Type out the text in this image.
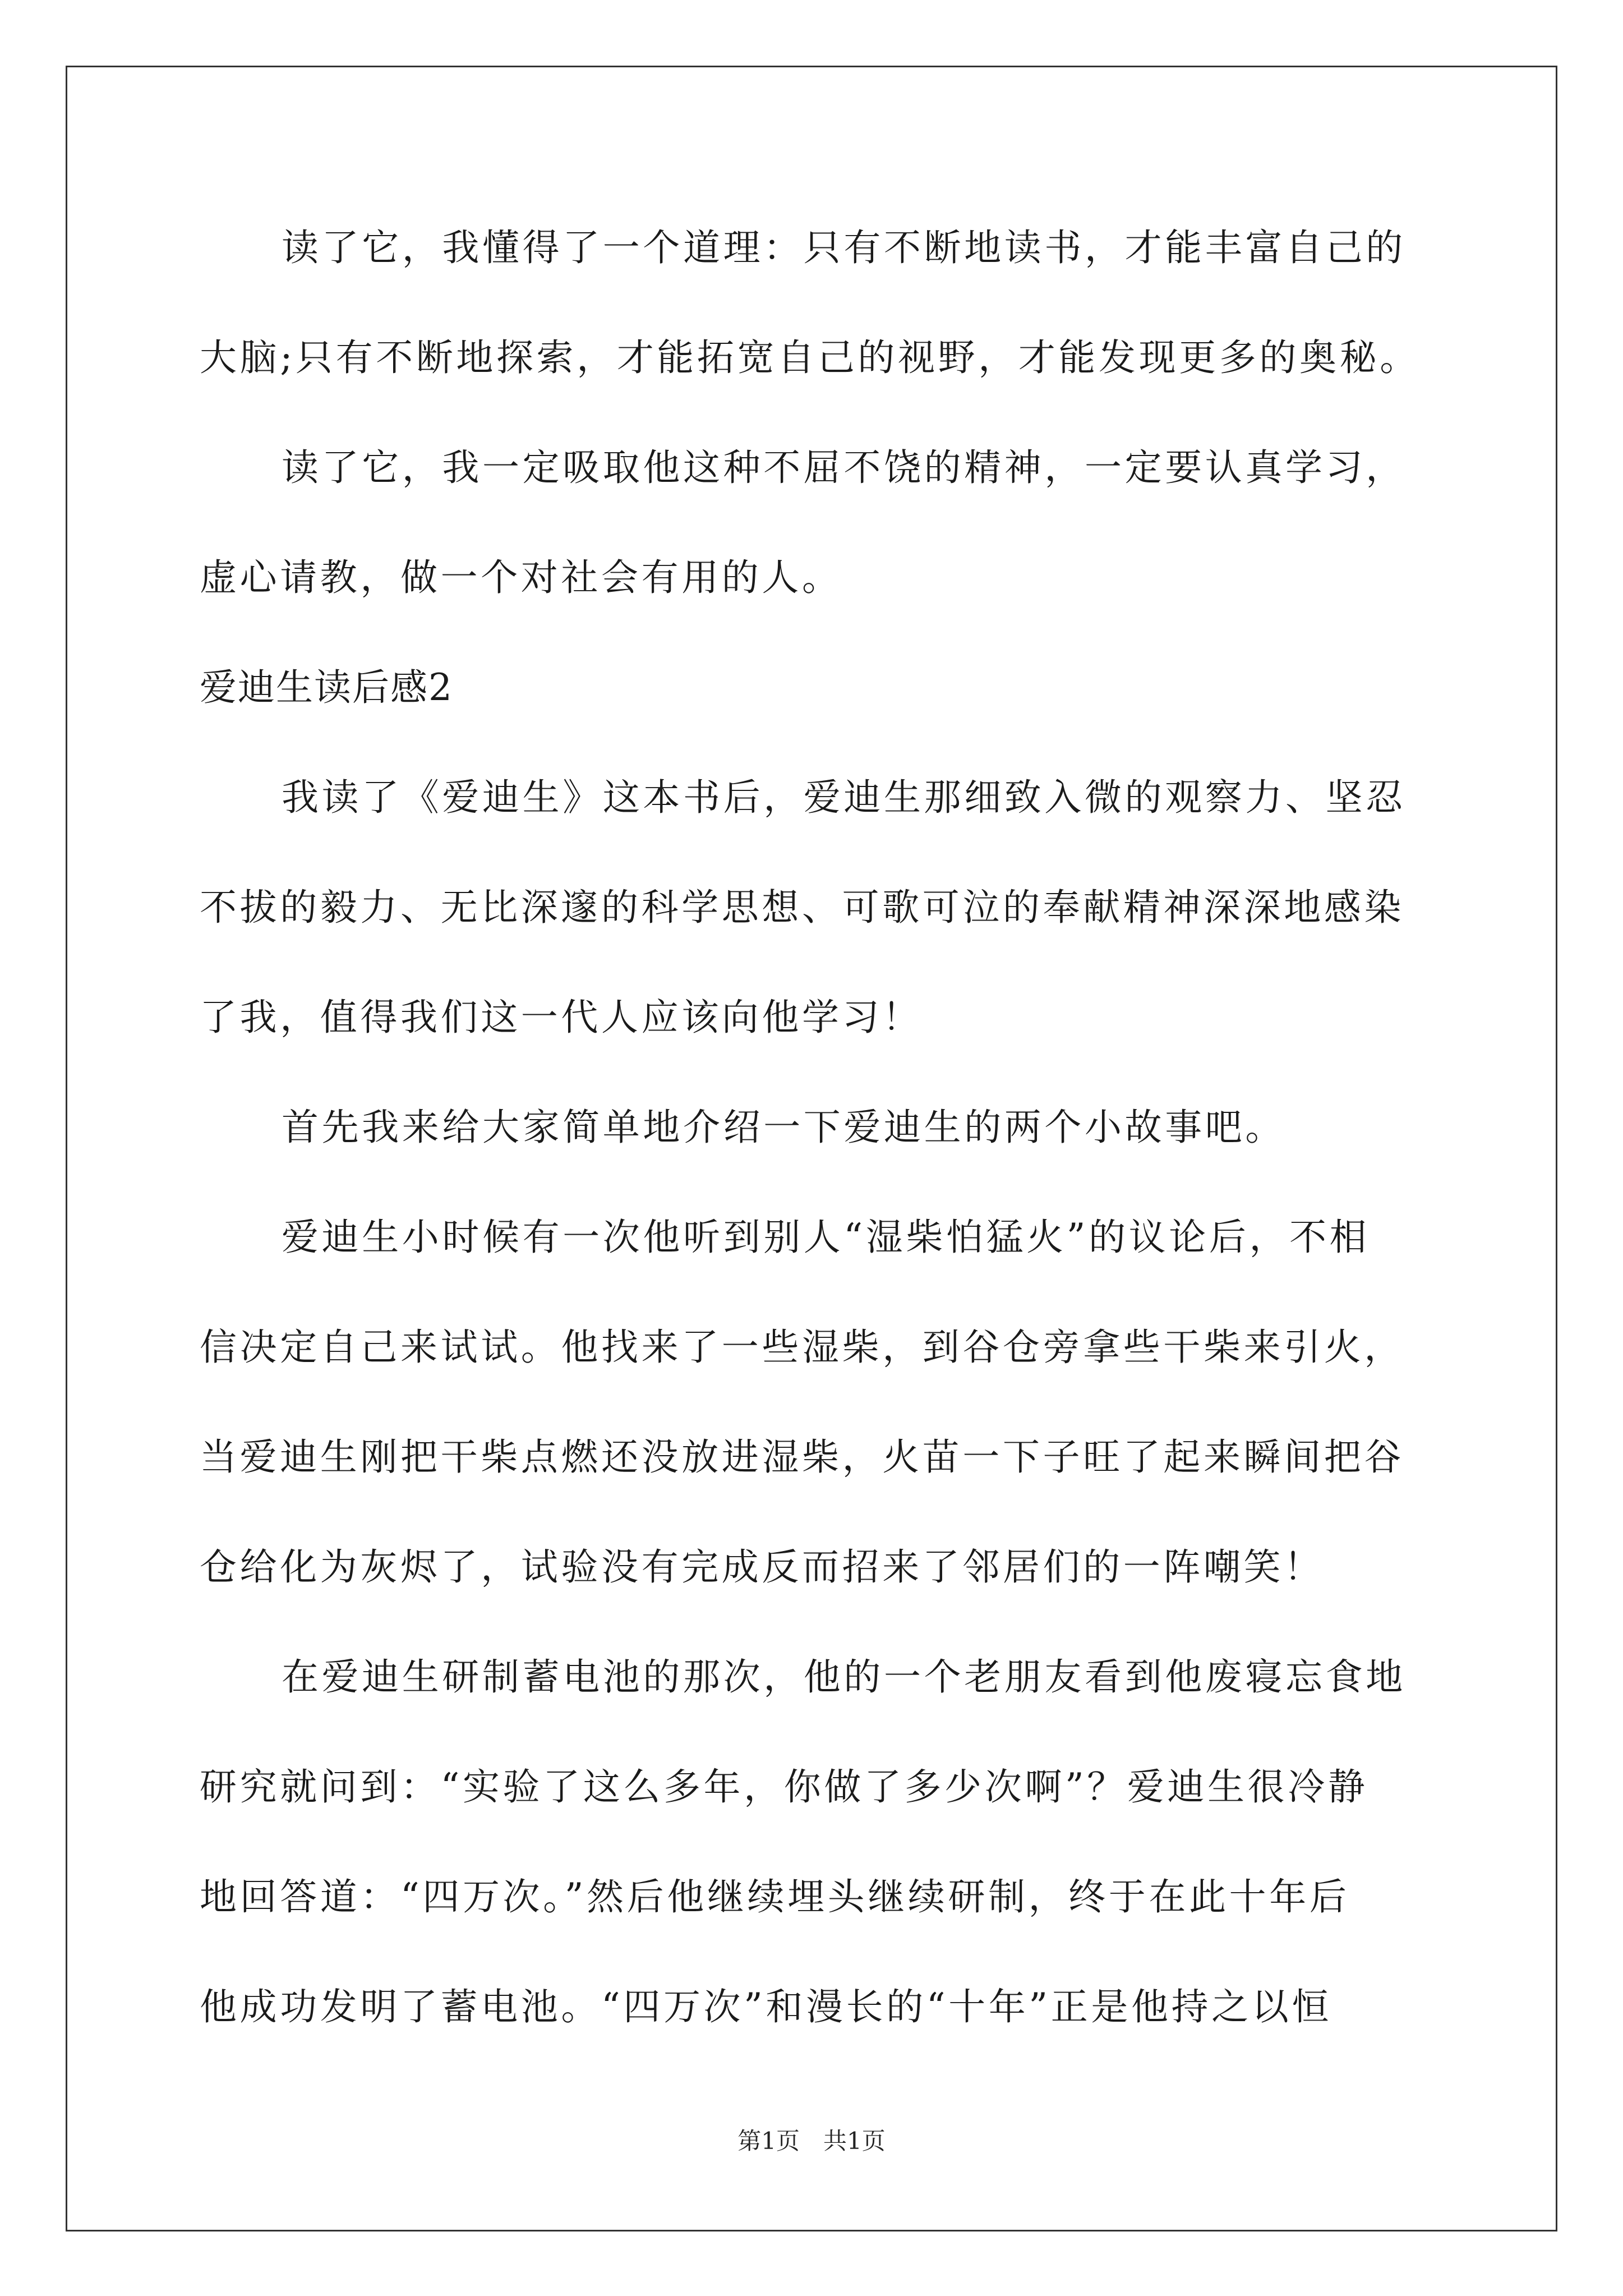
读了它，我懂得了一个道理：只有不断地读书，才能丰富自己的
大脑;只有不断地探索，才能拓宽自己的视野，才能发现更多的奥秘。
读了它，我一定吸取他这种不屈不饶的精神，一定要认真学习，
虚心请教，做一个对社会有用的人。
爱迪生读后感2
我读了《爱迪生》这本书后，爱迪生那细致入微的观察力、坚忍
不拔的毅力、无比深邃的科学思想、可歌可泣的奉献精神深深地感染
了我，值得我们这一代人应该向他学习！
首先我来给大家简单地介绍一下爱迪生的两个小故事吧。
爱迪生小时候有一次他听到别人“湿柴怕猛火”的议论后，不相
信决定自己来试试。他找来了一些湿柴，到谷仓旁拿些干柴来引火，
当爱迪生刚把干柴点燃还没放进湿柴，火苗一下子旺了起来瞬间把谷
仓给化为灰烬了，试验没有完成反而招来了邻居们的一阵嘲笑！
在爱迪生研制蓄电池的那次，他的一个老朋友看到他废寝忘食地
研究就问到：“实验了这么多年，你做了多少次啊”？爱迪生很冷静
地回答道：“四万次。”然后他继续埋头继续研制，终于在此十年后
他成功发明了蓄电池。“四万次”和漫长的“十年”正是他持之以恒
第1页　共1页
